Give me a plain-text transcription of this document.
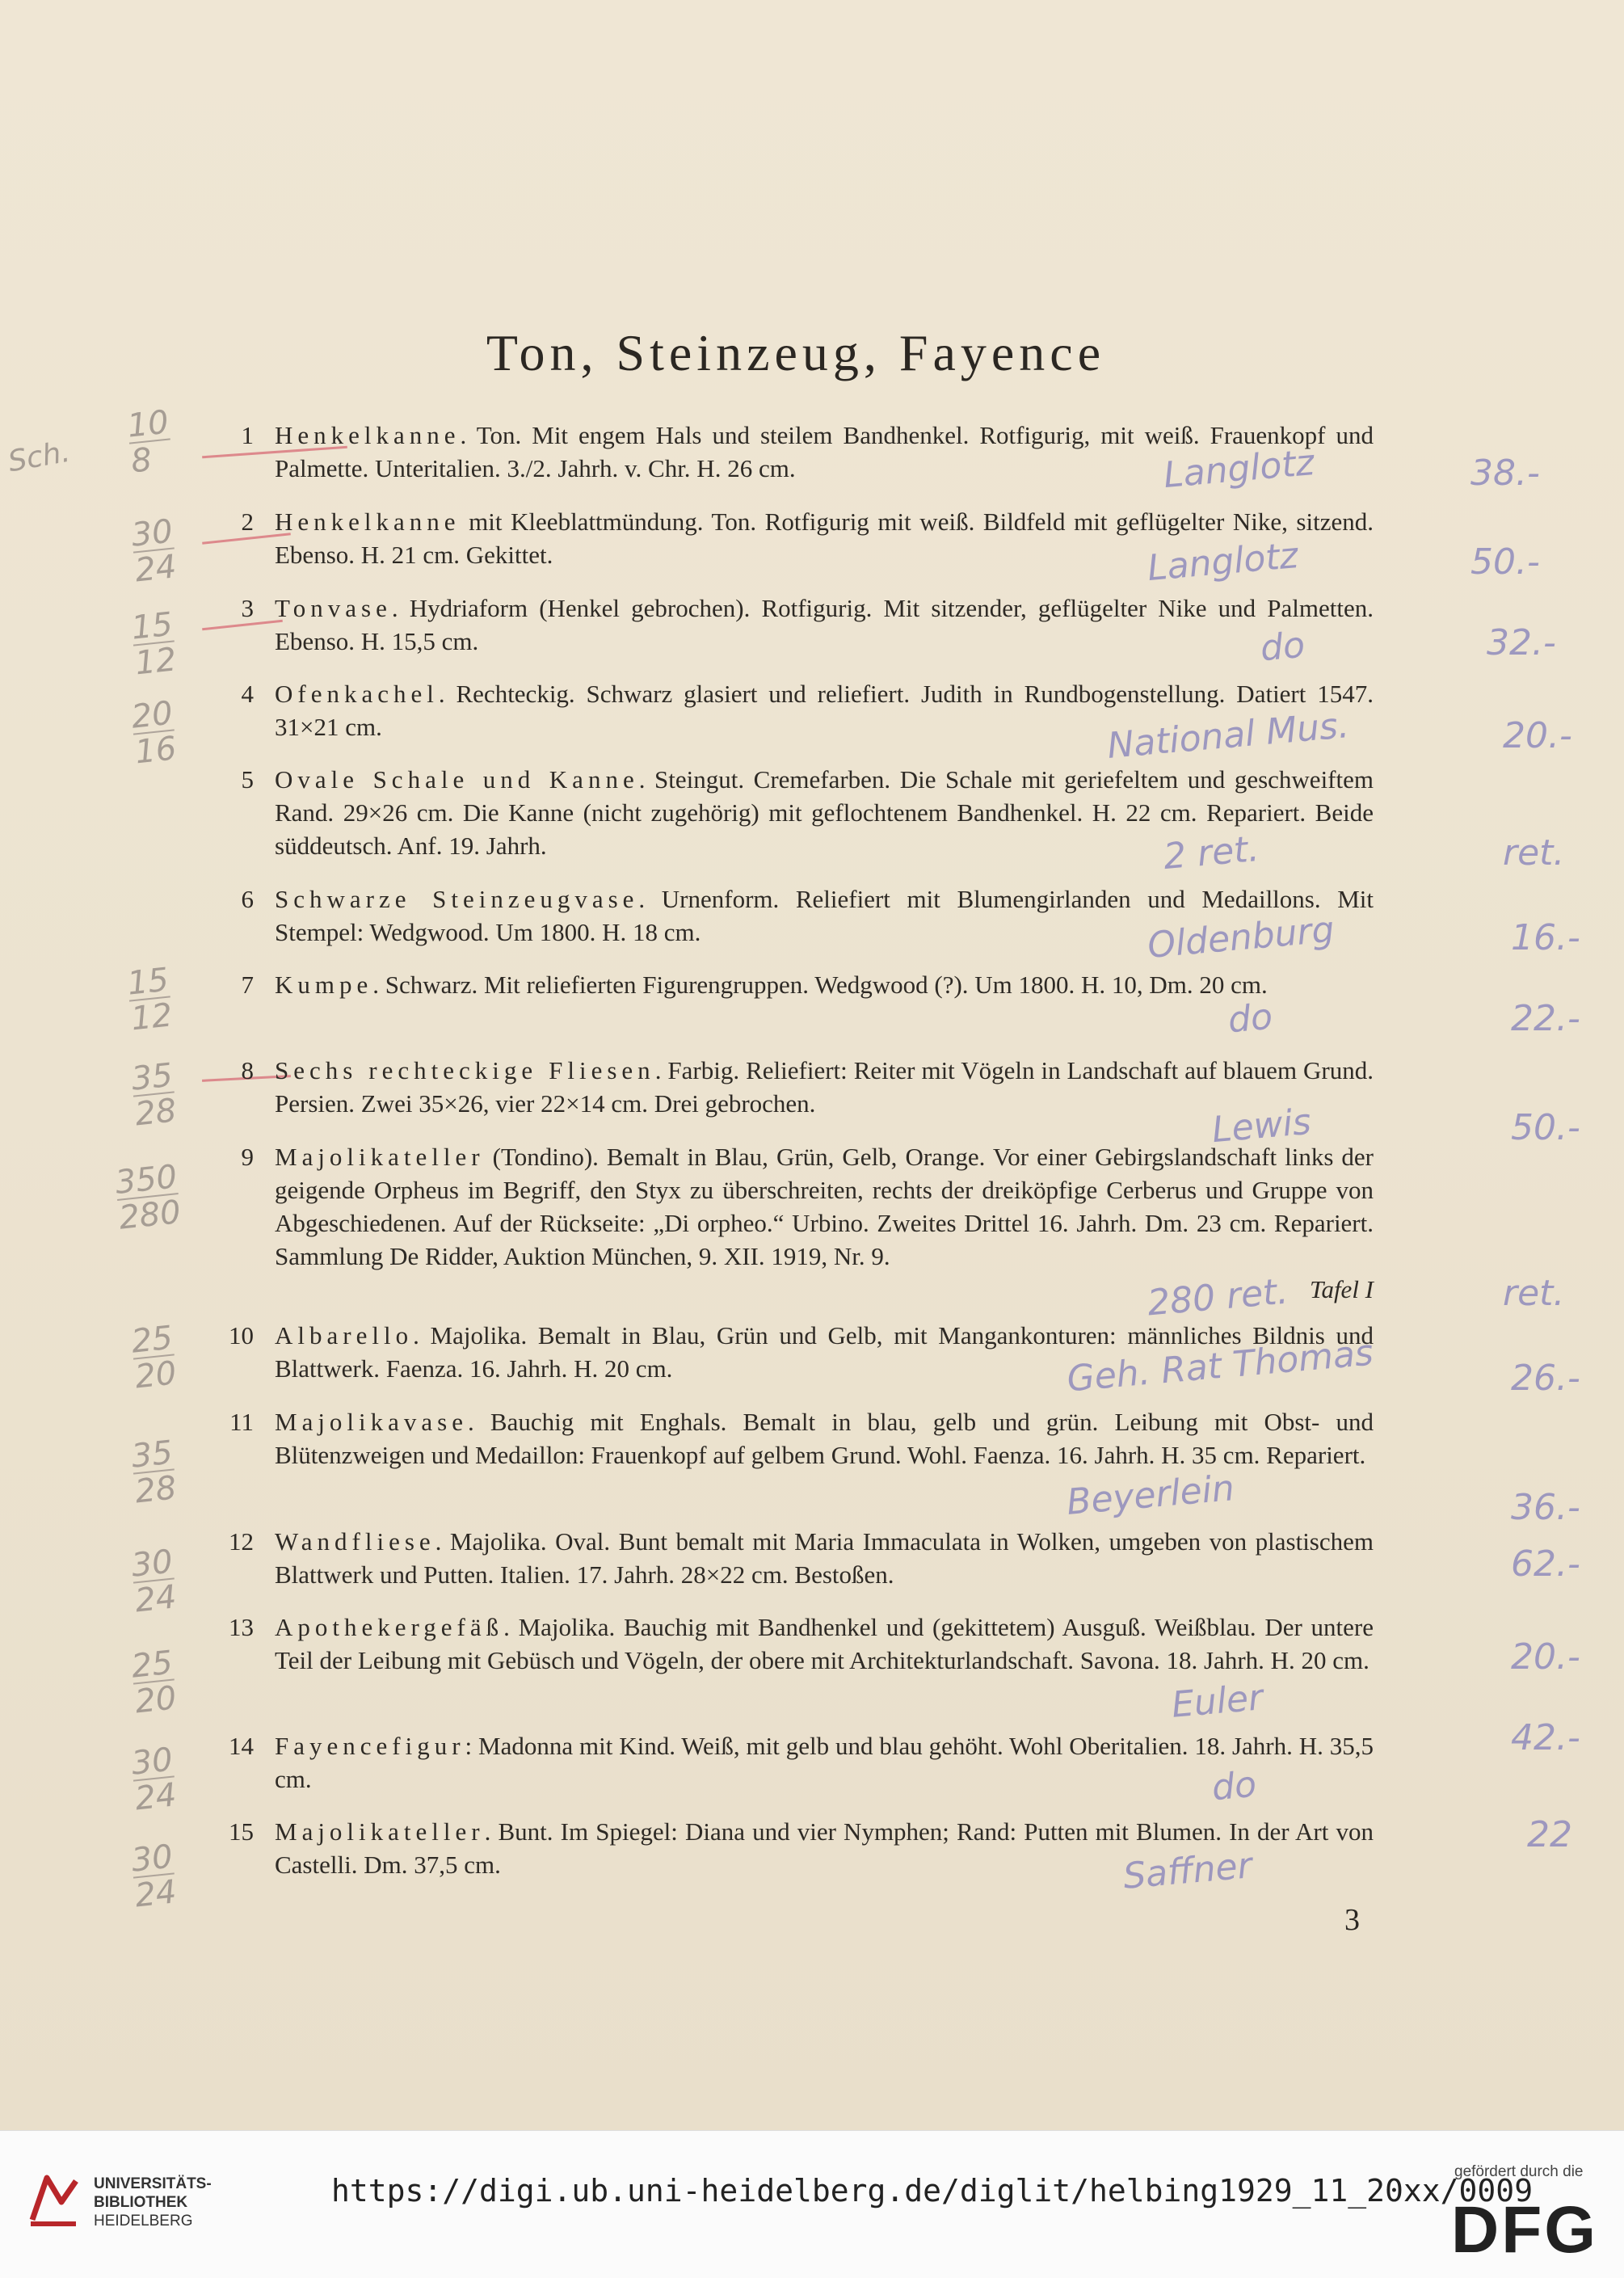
Ton, Steinzeug, Fayence
1 Henkelkanne. Ton. Mit engem Hals und steilem Bandhenkel. Rotfigurig, mit weiß. Frauenkopf und Palmette. Unteritalien. 3./2. Jahrh. v. Chr. H. 26 cm.
2 Henkelkanne mit Kleeblattmündung. Ton. Rotfigurig mit weiß. Bildfeld mit geflügelter Nike, sitzend. Ebenso. H. 21 cm. Gekittet.
3 Tonvase. Hydriaform (Henkel gebrochen). Rotfigurig. Mit sitzender, geflügelter Nike und Palmetten. Ebenso. H. 15,5 cm.
4 Ofenkachel. Rechteckig. Schwarz glasiert und reliefiert. Judith in Rundbogenstellung. Datiert 1547. 31×21 cm.
5 Ovale Schale und Kanne. Steingut. Cremefarben. Die Schale mit geriefeltem und geschweiftem Rand. 29×26 cm. Die Kanne (nicht zugehörig) mit geflochtenem Bandhenkel. H. 22 cm. Repariert. Beide süddeutsch. Anf. 19. Jahrh.
6 Schwarze Steinzeugvase. Urnenform. Reliefiert mit Blumengirlanden und Medaillons. Mit Stempel: Wedgwood. Um 1800. H. 18 cm.
7 Kumpe. Schwarz. Mit reliefierten Figurengruppen. Wedgwood (?). Um 1800. H. 10, Dm. 20 cm.
8 Sechs rechteckige Fliesen. Farbig. Reliefiert: Reiter mit Vögeln in Landschaft auf blauem Grund. Persien. Zwei 35×26, vier 22×14 cm. Drei gebrochen.
9 Majolikateller (Tondino). Bemalt in Blau, Grün, Gelb, Orange. Vor einer Gebirgslandschaft links der geigende Orpheus im Begriff, den Styx zu überschreiten, rechts der dreiköpfige Cerberus und Gruppe von Abgeschiedenen. Auf der Rückseite: „Di orpheo.“ Urbino. Zweites Drittel 16. Jahrh. Dm. 23 cm. Repariert. Sammlung De Ridder, Auktion München, 9. XII. 1919, Nr. 9.
Tafel I
10 Albarello. Majolika. Bemalt in Blau, Grün und Gelb, mit Mangankonturen: männliches Bildnis und Blattwerk. Faenza. 16. Jahrh. H. 20 cm.
11 Majolikavase. Bauchig mit Enghals. Bemalt in blau, gelb und grün. Leibung mit Obst- und Blütenzweigen und Medaillon: Frauenkopf auf gelbem Grund. Wohl. Faenza. 16. Jahrh. H. 35 cm. Repariert.
12 Wandfliese. Majolika. Oval. Bunt bemalt mit Maria Immaculata in Wolken, umgeben von plastischem Blattwerk und Putten. Italien. 17. Jahrh. 28×22 cm. Bestoßen.
13 Apothekergefäß. Majolika. Bauchig mit Bandhenkel und (gekittetem) Ausguß. Weißblau. Der untere Teil der Leibung mit Gebüsch und Vögeln, der obere mit Architekturlandschaft. Savona. 18. Jahrh. H. 20 cm.
14 Fayencefigur: Madonna mit Kind. Weiß, mit gelb und blau gehöht. Wohl Oberitalien. 18. Jahrh. H. 35,5 cm.
15 Majolikateller. Bunt. Im Spiegel: Diana und vier Nymphen; Rand: Putten mit Blumen. In der Art von Castelli. Dm. 37,5 cm.
3
10
8
30
24
15
12
20
16
15
12
35
28
350
280
25
20
35
28
30
24
25
20
30
24
30
24
Sch.	Langlotz
Langlotz
do
National Mus.
2 ret.
Oldenburg
do
Lewis
280 ret.
Geh. Rat Thomas
Beyerlein
Euler
do
Saffner
38.-
50.-
32.-
20.-
ret.
16.-
22.-
50.-
ret.
26.-
36.-
62.-
20.-
42.-
22
UNIVERSITÄTS-
BIBLIOTHEK
HEIDELBERG
https://digi.ub.uni-heidelberg.de/diglit/helbing1929_11_20xx/0009
gefördert durch die
DFG
